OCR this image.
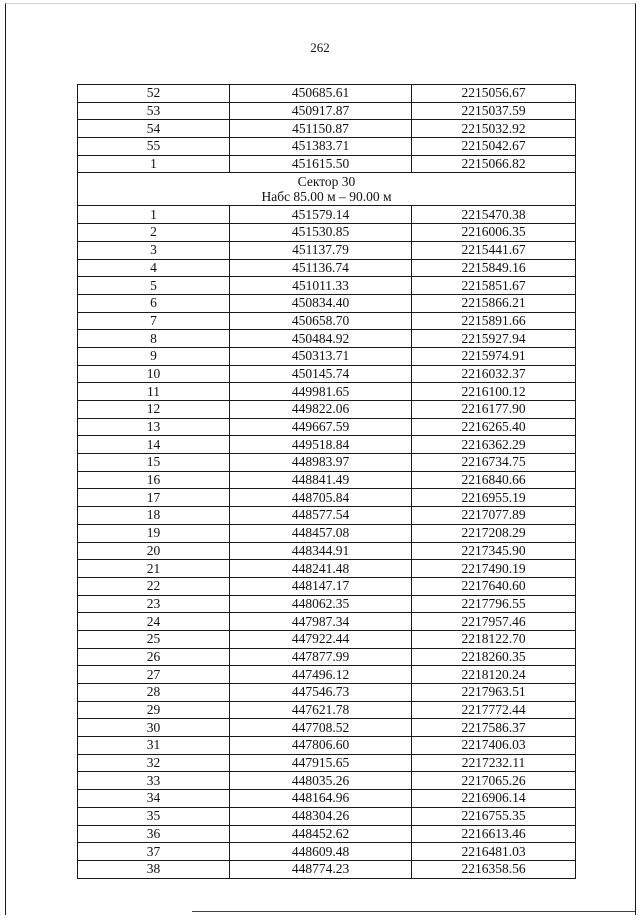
262
52	450685.61	2215056.67
53	450917.87	2215037.59
54	451150.87	2215032.92
55	451383.71	2215042.67
1	451615.50	2215066.82

Сектор 30
Набс 85.00 м – 90.00 м		

1	451579.14	2215470.38
2	451530.85	2216006.35
3	451137.79	2215441.67
4	451136.74	2215849.16
5	451011.33	2215851.67
6	450834.40	2215866.21
7	450658.70	2215891.66
8	450484.92	2215927.94
9	450313.71	2215974.91
10	450145.74	2216032.37
11	449981.65	2216100.12
12	449822.06	2216177.90
13	449667.59	2216265.40
14	449518.84	2216362.29
15	448983.97	2216734.75
16	448841.49	2216840.66
17	448705.84	2216955.19
18	448577.54	2217077.89
19	448457.08	2217208.29
20	448344.91	2217345.90
21	448241.48	2217490.19
22	448147.17	2217640.60
23	448062.35	2217796.55
24	447987.34	2217957.46
25	447922.44	2218122.70
26	447877.99	2218260.35
27	447496.12	2218120.24
28	447546.73	2217963.51
29	447621.78	2217772.44
30	447708.52	2217586.37
31	447806.60	2217406.03
32	447915.65	2217232.11
33	448035.26	2217065.26
34	448164.96	2216906.14
35	448304.26	2216755.35
36	448452.62	2216613.46
37	448609.48	2216481.03
38	448774.23	2216358.56
